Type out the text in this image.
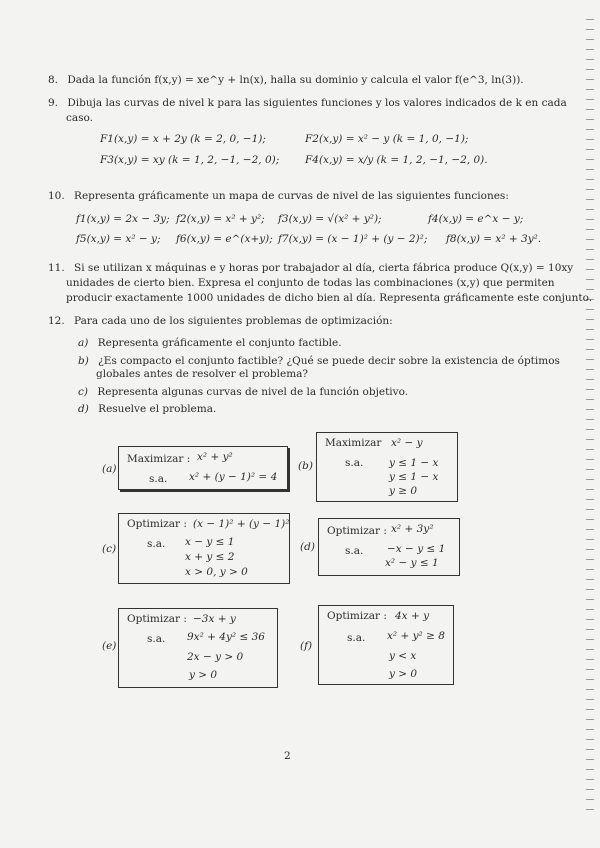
8. Dada la función f(x,y) = xe^y + ln(x), halla su dominio y calcula el valor f(e^3, ln(3)).
9. Dibuja las curvas de nivel k para las siguientes funciones y los valores indicados de k en cada
caso.
F1(x,y) = x + 2y (k = 2, 0, −1);	F2(x,y) = x² − y (k = 1, 0, −1);
F3(x,y) = xy (k = 1, 2, −1, −2, 0); F4(x,y) = x/y (k = 1, 2, −1, −2, 0).
10. Representa gráficamente un mapa de curvas de nivel de las siguientes funciones:
f1(x,y) = 2x − 3y; f2(x,y) = x² + y²; f3(x,y) = √(x² + y²);	f4(x,y) = e^x − y;
f5(x,y) = x² − y; f6(x,y) = e^(x+y); f7(x,y) = (x − 1)² + (y − 2)²; f8(x,y) = x² + 3y².
11. Si se utilizan x máquinas e y horas por trabajador al día, cierta fábrica produce Q(x,y) = 10xy
unidades de cierto bien. Expresa el conjunto de todas las combinaciones (x,y) que permiten
producir exactamente 1000 unidades de dicho bien al día. Representa gráficamente este conjunto.
12. Para cada uno de los siguientes problemas de optimización:
a) Representa gráficamente el conjunto factible.
b) ¿Es compacto el conjunto factible? ¿Qué se puede decir sobre la existencia de óptimos
globales antes de resolver el problema?
c) Representa algunas curvas de nivel de la función objetivo.
d) Resuelve el problema.
(a)
Maximizar : x² + y²
s.a. x² + (y − 1)² = 4
(b)
Maximizar x² − y
s.a. y ≤ 1 − x
y ≤ 1 − x
y ≥ 0
(c)
Optimizar : (x − 1)² + (y − 1)²
s.a. x − y ≤ 1
x + y ≤ 2
x > 0, y > 0
(d)
Optimizar : x² + 3y²
s.a. −x − y ≤ 1
x² − y ≤ 1
(e)
Optimizar : −3x + y
s.a. 9x² + 4y² ≤ 36
2x − y > 0
y > 0
(f)
Optimizar : 4x + y
s.a. x² + y² ≥ 8
y < x
y > 0
2
